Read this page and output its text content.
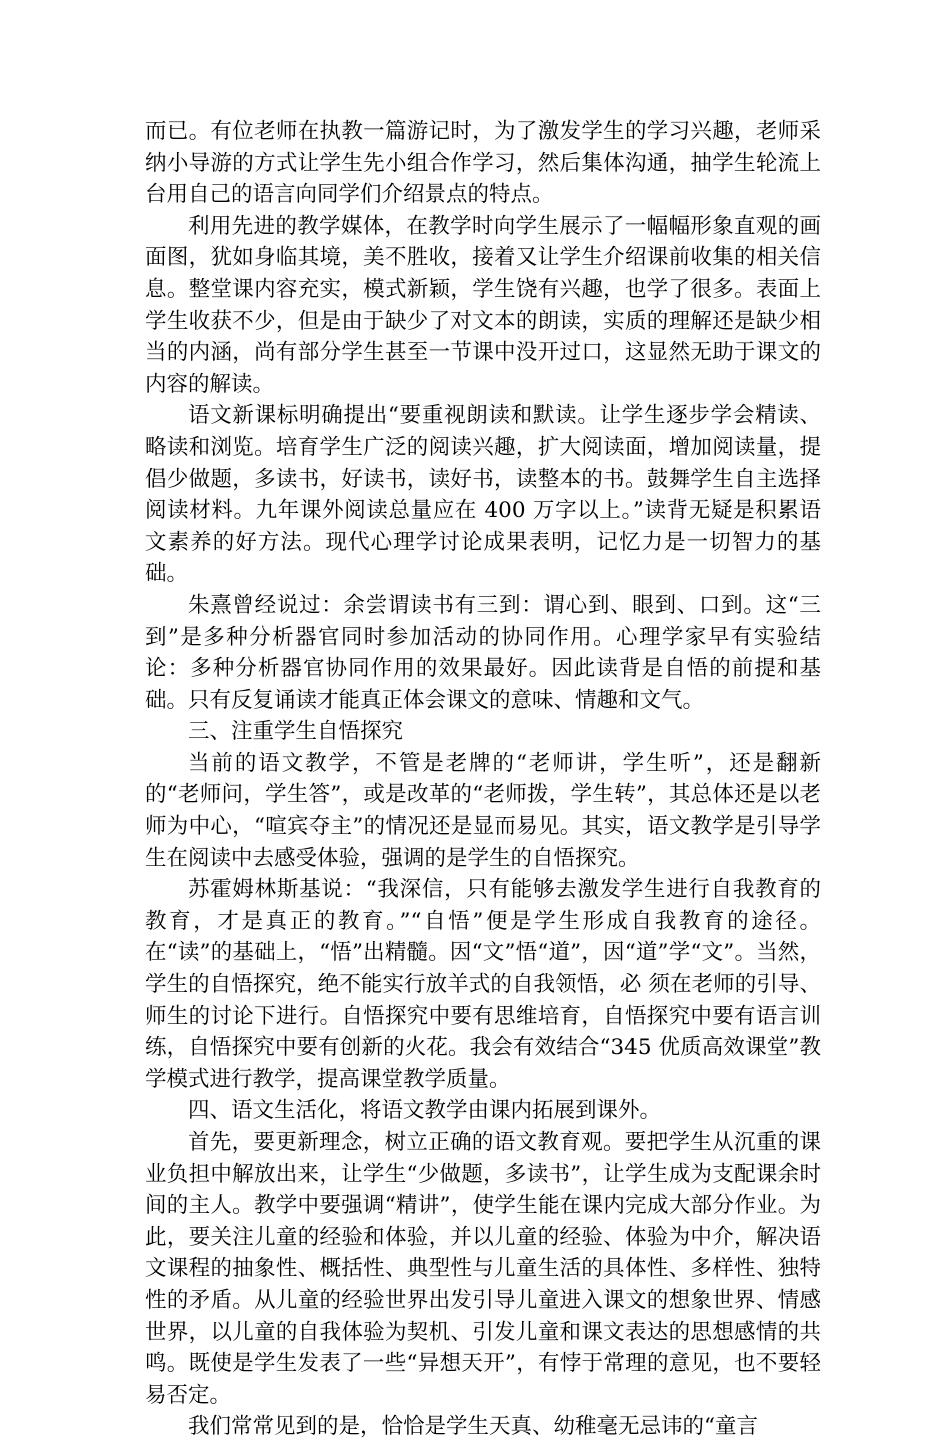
而已。有位老师在执教一篇游记时，为了激发学生的学习兴趣，老师采纳小导游的方式让学生先小组合作学习，然后集体沟通，抽学生轮流上台用自己的语言向同学们介绍景点的特点。

利用先进的教学媒体，在教学时向学生展示了一幅幅形象直观的画面图，犹如身临其境，美不胜收，接着又让学生介绍课前收集的相关信息。整堂课内容充实，模式新颖，学生饶有兴趣，也学了很多。表面上学生收获不少，但是由于缺少了对文本的朗读，实质的理解还是缺少相当的内涵，尚有部分学生甚至一节课中没开过口，这显然无助于课文的内容的解读。

语文新课标明确提出“要重视朗读和默读。让学生逐步学会精读、略读和浏览。培育学生广泛的阅读兴趣，扩大阅读面，增加阅读量，提倡少做题，多读书，好读书，读好书，读整本的书。鼓舞学生自主选择阅读材料。九年课外阅读总量应在 400 万字以上。”读背无疑是积累语文素养的好方法。现代心理学讨论成果表明，记忆力是一切智力的基础。

朱熹曾经说过：余尝谓读书有三到：谓心到、眼到、口到。这“三到”是多种分析器官同时参加活动的协同作用。心理学家早有实验结论：多种分析器官协同作用的效果最好。因此读背是自悟的前提和基础。只有反复诵读才能真正体会课文的意味、情趣和文气。

三、注重学生自悟探究

当前的语文教学，不管是老牌的“老师讲，学生听”，还是翻新的“老师问，学生答”，或是改革的“老师拨，学生转”，其总体还是以老师为中心，“喧宾夺主”的情况还是显而易见。其实，语文教学是引导学生在阅读中去感受体验，强调的是学生的自悟探究。

苏霍姆林斯基说：“我深信，只有能够去激发学生进行自我教育的教育，才是真正的教育。”“自悟”便是学生形成自我教育的途径。在“读”的基础上，“悟”出精髓。因“文”悟“道”，因“道”学“文”。当然，学生的自悟探究，绝不能实行放羊式的自我领悟，必 须在老师的引导、师生的讨论下进行。自悟探究中要有思维培育，自悟探究中要有语言训练，自悟探究中要有创新的火花。我会有效结合“345 优质高效课堂”教学模式进行教学，提高课堂教学质量。

四、语文生活化，将语文教学由课内拓展到课外。

首先，要更新理念，树立正确的语文教育观。要把学生从沉重的课业负担中解放出来，让学生“少做题，多读书”，让学生成为支配课余时间的主人。教学中要强调“精讲”，使学生能在课内完成大部分作业。为此，要关注儿童的经验和体验，并以儿童的经验、体验为中介，解决语文课程的抽象性、概括性、典型性与儿童生活的具体性、多样性、独特性的矛盾。从儿童的经验世界出发引导儿童进入课文的想象世界、情感世界，以儿童的自我体验为契机、引发儿童和课文表达的思想感情的共鸣。既使是学生发表了一些“异想天开”，有悖于常理的意见，也不要轻易否定。

我们常常见到的是，恰恰是学生天真、幼稚毫无忌讳的“童言
